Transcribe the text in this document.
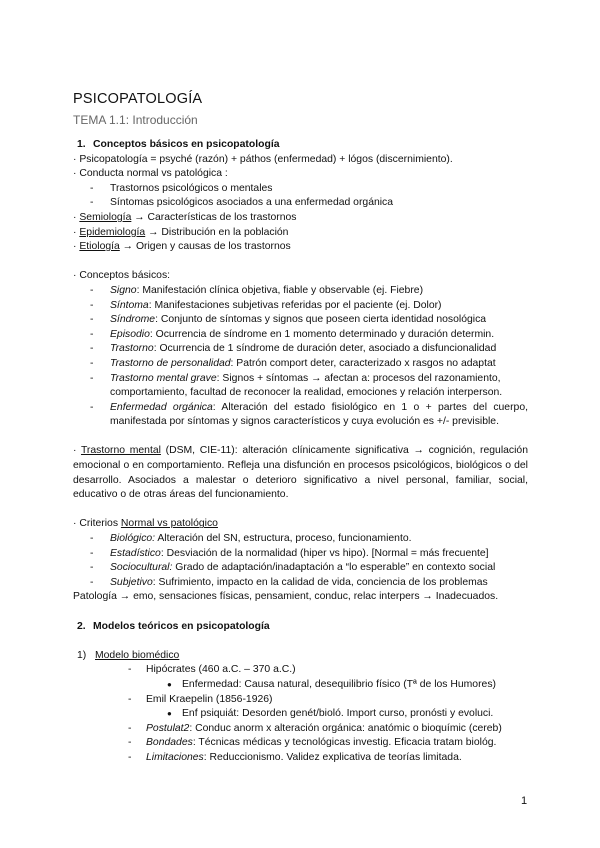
PSICOPATOLOGÍA
TEMA 1.1: Introducción
1. Conceptos básicos en psicopatología
· Psicopatología = psyché (razón) + páthos (enfermedad) + lógos (discernimiento).
· Conducta normal vs patológica :
- Trastornos psicológicos o mentales
- Síntomas psicológicos asociados a una enfermedad orgánica
· Semiología → Características de los trastornos
· Epidemiología → Distribución en la población
· Etiología → Origen y causas de los trastornos
· Conceptos básicos:
- Signo: Manifestación clínica objetiva, fiable y observable (ej. Fiebre)
- Síntoma: Manifestaciones subjetivas referidas por el paciente (ej. Dolor)
- Síndrome: Conjunto de síntomas y signos que poseen cierta identidad nosológica
- Episodio: Ocurrencia de síndrome en 1 momento determinado y duración determin.
- Trastorno: Ocurrencia de 1 síndrome de duración deter, asociado a disfuncionalidad
- Trastorno de personalidad: Patrón comport deter, caracterizado x rasgos no adaptat
- Trastorno mental grave: Signos + síntomas → afectan a: procesos del razonamiento, comportamiento, facultad de reconocer la realidad, emociones y relación interperson.
- Enfermedad orgánica: Alteración del estado fisiológico en 1 o + partes del cuerpo, manifestada por síntomas y signos característicos y cuya evolución es +/- previsible.
· Trastorno mental (DSM, CIE-11): alteración clínicamente significativa → cognición, regulación emocional o en comportamiento. Refleja una disfunción en procesos psicológicos, biológicos o del desarrollo. Asociados a malestar o deterioro significativo a nivel personal, familiar, social, educativo o de otras áreas del funcionamiento.
· Criterios Normal vs patológico
- Biológico: Alteración del SN, estructura, proceso, funcionamiento.
- Estadístico: Desviación de la normalidad (hiper vs hipo). [Normal = más frecuente]
- Sociocultural: Grado de adaptación/inadaptación a “lo esperable” en contexto social
- Subjetivo: Sufrimiento, impacto en la calidad de vida, conciencia de los problemas
Patología → emo, sensaciones físicas, pensamient, conduc, relac interpers → Inadecuados.
2. Modelos teóricos en psicopatología
1) Modelo biomédico
- Hipócrates (460 a.C. – 370 a.C.)
● Enfermedad: Causa natural, desequilibrio físico (Tª de los Humores)
- Emil Kraepelin (1856-1926)
● Enf psiquiát: Desorden genét/bioló. Import curso, pronósti y evoluci.
- Postulat2: Conduc anorm x alteración orgánica: anatómic o bioquímic (cereb)
- Bondades: Técnicas médicas y tecnológicas investig. Eficacia tratam biológ.
- Limitaciones: Reduccionismo. Validez explicativa de teorías limitada.
1
